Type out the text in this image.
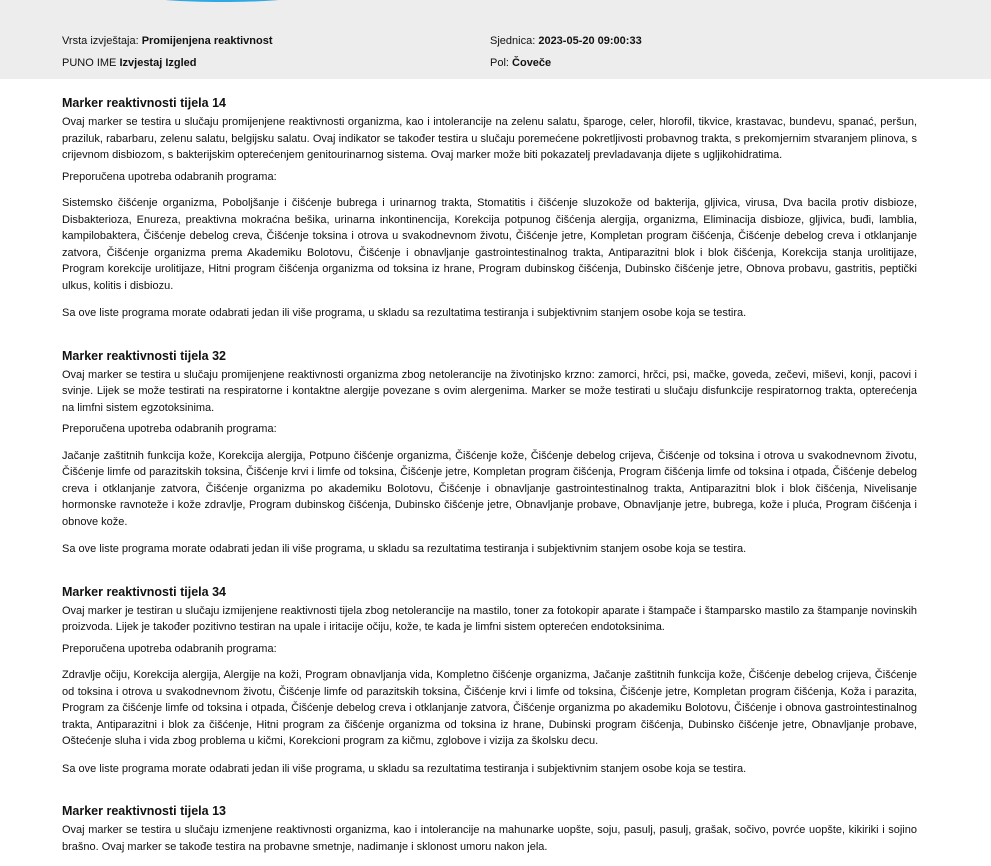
Vrsta izvještaja: Promijenjena reaktivnost	Sjednica: 2023-05-20 09:00:33
PUNO IME Izvjestaj Izgled	Pol: Čoveče
Marker reaktivnosti tijela 14

Ovaj marker se testira u slučaju promijenjene reaktivnosti organizma, kao i intolerancije na zelenu salatu, šparoge, celer, hlorofil, tikvice, krastavac, bundevu, spanać, peršun, praziluk, rabarbaru, zelenu salatu, belgijsku salatu. Ovaj indikator se također testira u slučaju poremećene pokretljivosti probavnog trakta, s prekomjernim stvaranjem plinova, s crijevnom disbiozom, s bakterijskim opterećenjem genitourinarnog sistema. Ovaj marker može biti pokazatelj prevladavanja dijete s ugljikohidratima.

Preporučena upotreba odabranih programa:

Sistemsko čišćenje organizma, Poboljšanje i čišćenje bubrega i urinarnog trakta, Stomatitis i čišćenje sluzokože od bakterija, gljivica, virusa, Dva bacila protiv disbioze, Disbakterioza, Enureza, preaktivna mokraćna bešika, urinarna inkontinencija, Korekcija potpunog čišćenja alergija, organizma, Eliminacija disbioze, gljivica, buđi, lamblia, kampilobaktera, Čišćenje debelog creva, Čišćenje toksina i otrova u svakodnevnom životu, Čišćenje jetre, Kompletan program čišćenja, Čišćenje debelog creva i otklanjanje zatvora, Čišćenje organizma prema Akademiku Bolotovu, Čišćenje i obnavljanje gastrointestinalnog trakta, Antiparazitni blok i blok čišćenja, Korekcija stanja urolitijaze, Program korekcije urolitijaze, Hitni program čišćenja organizma od toksina iz hrane, Program dubinskog čišćenja, Dubinsko čišćenje jetre, Obnova probavu, gastritis, peptički ulkus, kolitis i disbiozu.

Sa ove liste programa morate odabrati jedan ili više programa, u skladu sa rezultatima testiranja i subjektivnim stanjem osobe koja se testira.

Marker reaktivnosti tijela 32

Ovaj marker se testira u slučaju promijenjene reaktivnosti organizma zbog netolerancije na životinjsko krzno: zamorci, hrčci, psi, mačke, goveda, zečevi, miševi, konji, pacovi i svinje. Lijek se može testirati na respiratorne i kontaktne alergije povezane s ovim alergenima. Marker se može testirati u slučaju disfunkcije respiratornog trakta, opterećenja na limfni sistem egzotoksinima.

Preporučena upotreba odabranih programa:

Jačanje zaštitnih funkcija kože, Korekcija alergija, Potpuno čišćenje organizma, Čišćenje kože, Čišćenje debelog crijeva, Čišćenje od toksina i otrova u svakodnevnom životu, Čišćenje limfe od parazitskih toksina, Čišćenje krvi i limfe od toksina, Čišćenje jetre, Kompletan program čišćenja, Program čišćenja limfe od toksina i otpada, Čišćenje debelog creva i otklanjanje zatvora, Čišćenje organizma po akademiku Bolotovu, Čišćenje i obnavljanje gastrointestinalnog trakta, Antiparazitni blok i blok čišćenja, Nivelisanje hormonske ravnoteže i kože zdravlje, Program dubinskog čišćenja, Dubinsko čišćenje jetre, Obnavljanje probave, Obnavljanje jetre, bubrega, kože i pluća, Program čišćenja i obnove kože.

Sa ove liste programa morate odabrati jedan ili više programa, u skladu sa rezultatima testiranja i subjektivnim stanjem osobe koja se testira.

Marker reaktivnosti tijela 34

Ovaj marker je testiran u slučaju izmijenjene reaktivnosti tijela zbog netolerancije na mastilo, toner za fotokopir aparate i štampače i štamparsko mastilo za štampanje novinskih proizvoda. Lijek je također pozitivno testiran na upale i iritacije očiju, kože, te kada je limfni sistem opterećen endotoksinima.

Preporučena upotreba odabranih programa:

Zdravlje očiju, Korekcija alergija, Alergije na koži, Program obnavljanja vida, Kompletno čišćenje organizma, Jačanje zaštitnih funkcija kože, Čišćenje debelog crijeva, Čišćenje od toksina i otrova u svakodnevnom životu, Čišćenje limfe od parazitskih toksina, Čišćenje krvi i limfe od toksina, Čišćenje jetre, Kompletan program čišćenja, Koža i parazita, Program za čišćenje limfe od toksina i otpada, Čišćenje debelog creva i otklanjanje zatvora, Čišćenje organizma po akademiku Bolotovu, Čišćenje i obnova gastrointestinalnog trakta, Antiparazitni i blok za čišćenje, Hitni program za čišćenje organizma od toksina iz hrane, Dubinski program čišćenja, Dubinsko čišćenje jetre, Obnavljanje probave, Oštećenje sluha i vida zbog problema u kičmi, Korekcioni program za kičmu, zglobove i vizija za školsku decu.

Sa ove liste programa morate odabrati jedan ili više programa, u skladu sa rezultatima testiranja i subjektivnim stanjem osobe koja se testira.

Marker reaktivnosti tijela 13

Ovaj marker se testira u slučaju izmenjene reaktivnosti organizma, kao i intolerancije na mahunarke uopšte, soju, pasulj, pasulj, grašak, sočivo, povrće uopšte, kikiriki i sojino brašno. Ovaj marker se takođe testira na probavne smetnje, nadimanje i sklonost umoru nakon jela.
